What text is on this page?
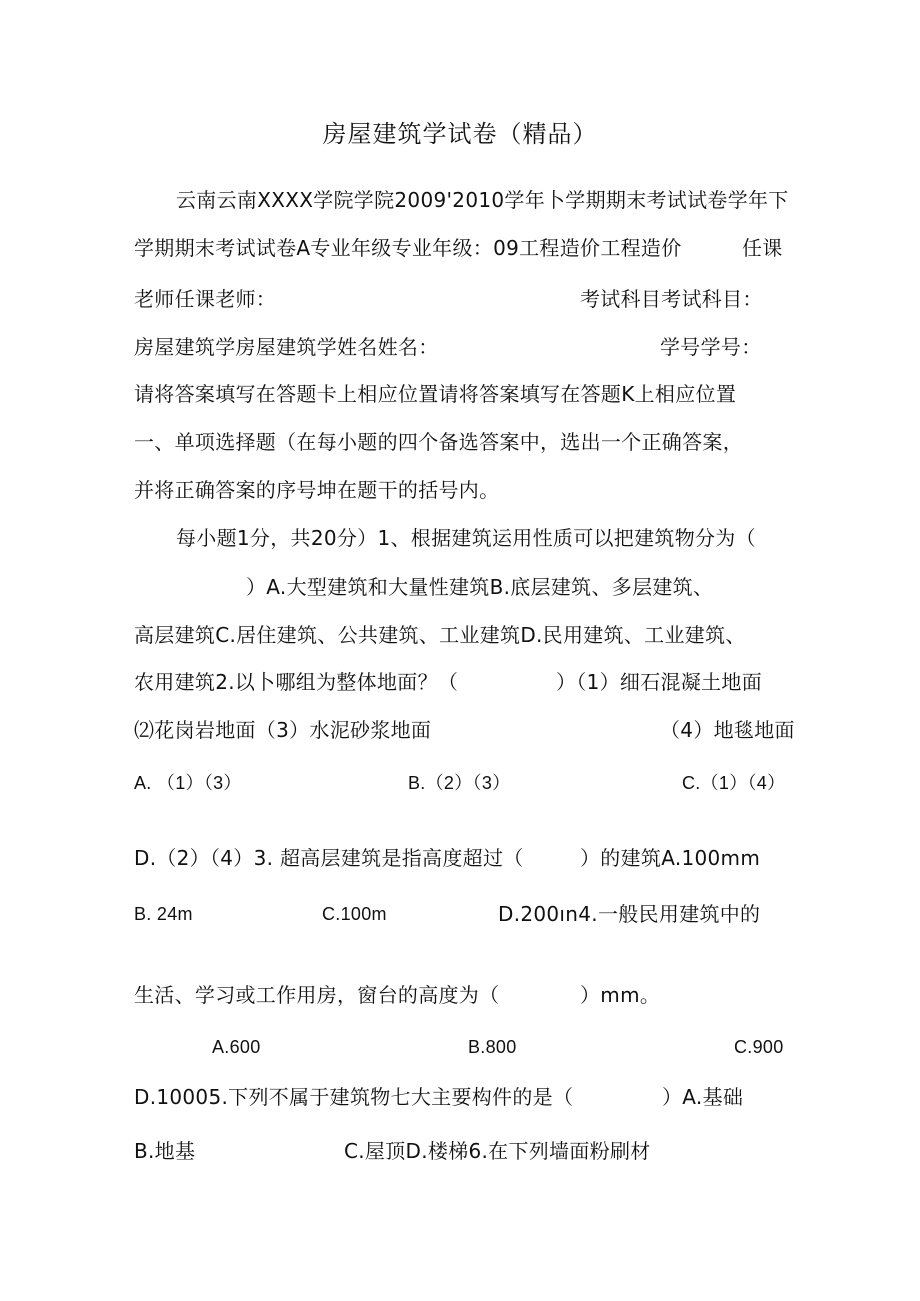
房屋建筑学试卷（精品）
云南云南XXXX学院学院2009'2010学年卜学期期末考试试卷学年下
学期期末考试试卷A专业年级专业年级：09工程造价工程造价	任课
老师任课老师：	考试科目考试科目：
房屋建筑学房屋建筑学姓名姓名：	学号学号：
请将答案填写在答题卡上相应位置请将答案填写在答题K上相应位置
一、单项选择题（在每小题的四个备选答案中，选出一个正确答案，
并将正确答案的序号坤在题干的括号内。
每小题1分，共20分）1、根据建筑运用性质可以把建筑物分为（
）A.大型建筑和大量性建筑B.底层建筑、多层建筑、
高层建筑C.居住建筑、公共建筑、工业建筑D.民用建筑、工业建筑、
农用建筑2.以卜哪组为整体地面？（	）（1）细石混凝土地面
⑵花岗岩地面（3）水泥砂浆地面	（4）地毯地面
A. （1）（3）	B.（2）（3）	C.（1）（4）
D.（2）（4）3. 超高层建筑是指高度超过（	）的建筑A.100mm
B. 24m	C.100m	D.200ın4.一般民用建筑中的
生活、学习或工作用房，窗台的高度为（	）mm。
A.600	B.800	C.900
D.10005.下列不属于建筑物七大主要构件的是（	）A.基础
B.地基	C.屋顶D.楼梯6.在下列墙面粉刷材
